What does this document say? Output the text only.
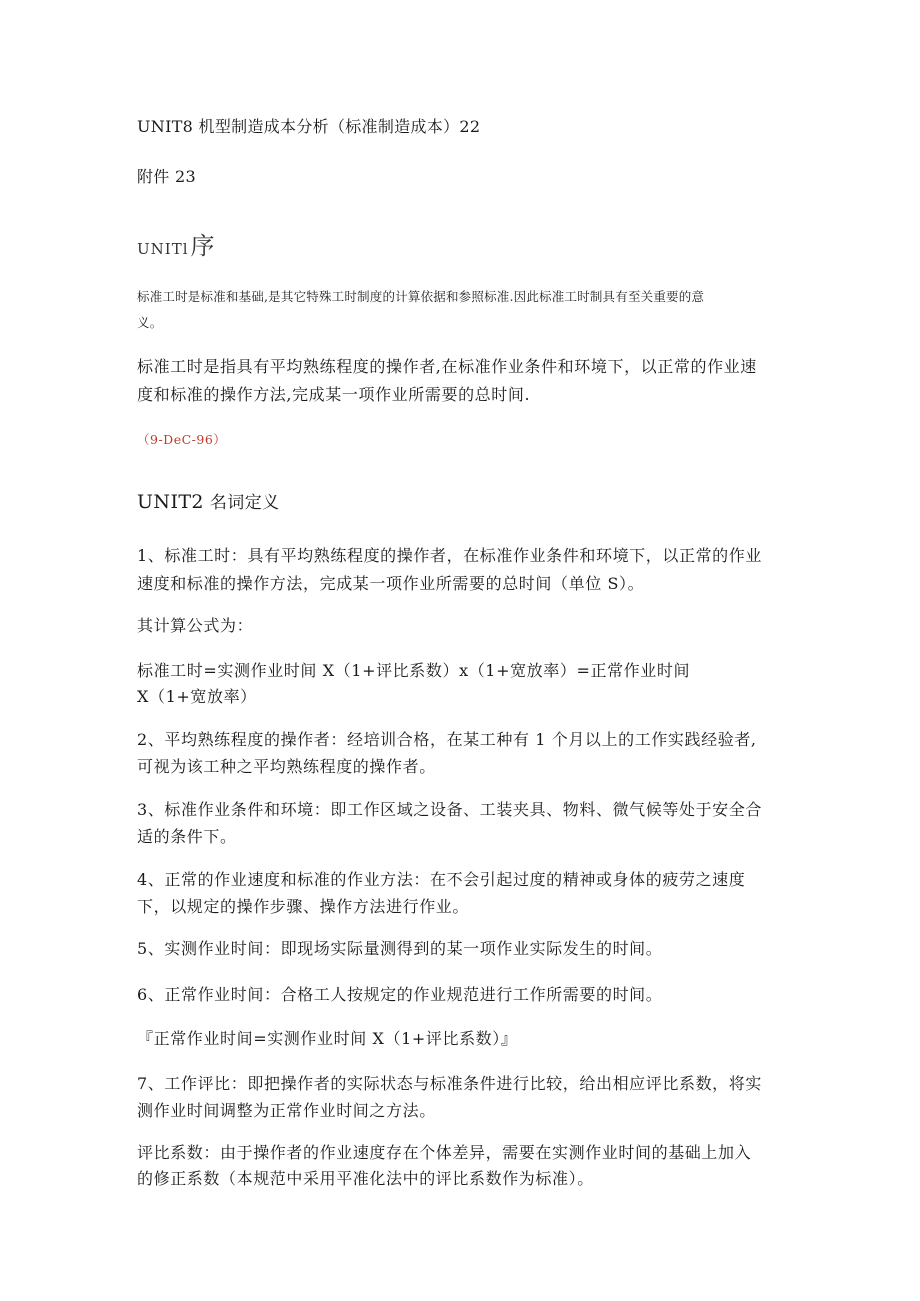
UNIT8 机型制造成本分析（标准制造成本）22
附件 23
UNITl序
标准工时是标准和基础,是其它特殊工时制度的计算依据和参照标准.因此标准工时制具有至关重要的意
义。
标准工时是指具有平均熟练程度的操作者,在标准作业条件和环境下，以正常的作业速
度和标准的操作方法,完成某一项作业所需要的总时间.
（9-DeC-96）
UNIT2 名词定义
1、标准工时：具有平均熟练程度的操作者，在标准作业条件和环境下，以正常的作业
速度和标准的操作方法，完成某一项作业所需要的总时间（单位 S）。
其计算公式为：
标准工时=实测作业时间 X（1+评比系数）x（1+宽放率）=正常作业时间
X（1+宽放率）
2、平均熟练程度的操作者：经培训合格，在某工种有 1 个月以上的工作实践经验者,
可视为该工种之平均熟练程度的操作者。
3、标准作业条件和环境：即工作区域之设备、工装夹具、物料、微气候等处于安全合
适的条件下。
4、正常的作业速度和标准的作业方法：在不会引起过度的精神或身体的疲劳之速度
下，以规定的操作步骤、操作方法进行作业。
5、实测作业时间：即现场实际量测得到的某一项作业实际发生的时间。
6、正常作业时间：合格工人按规定的作业规范进行工作所需要的时间。
『正常作业时间=实测作业时间 X（1+评比系数）』
7、工作评比：即把操作者的实际状态与标准条件进行比较，给出相应评比系数，将实
测作业时间调整为正常作业时间之方法。
评比系数：由于操作者的作业速度存在个体差异，需要在实测作业时间的基础上加入
的修正系数（本规范中采用平准化法中的评比系数作为标准）。
